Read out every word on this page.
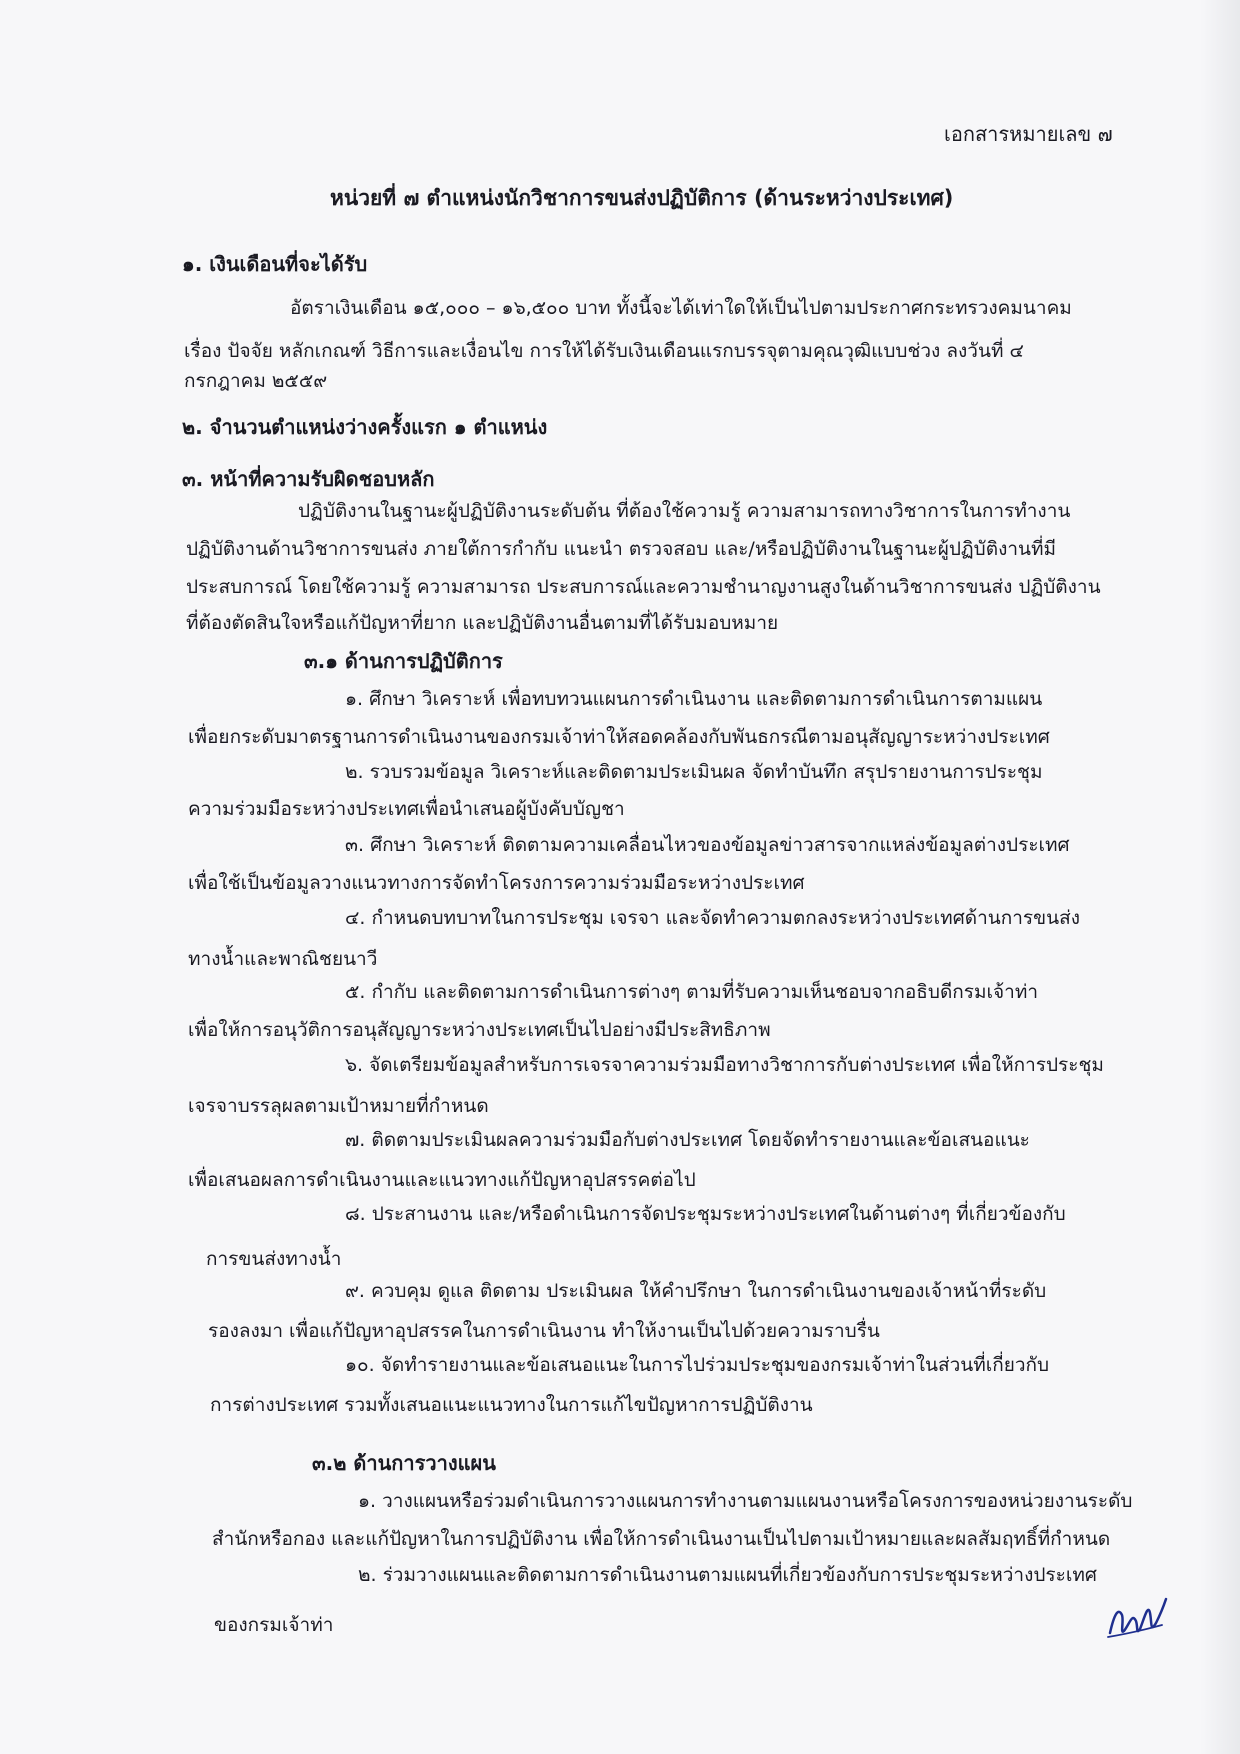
เอกสารหมายเลข ๗

หน่วยที่ ๗ ตำแหน่งนักวิชาการขนส่งปฏิบัติการ (ด้านระหว่างประเทศ)

๑. เงินเดือนที่จะได้รับ

อัตราเงินเดือน ๑๕,๐๐๐ – ๑๖,๕๐๐ บาท ทั้งนี้จะได้เท่าใดให้เป็นไปตามประกาศกระทรวงคมนาคม

เรื่อง ปัจจัย หลักเกณฑ์ วิธีการและเงื่อนไข การให้ได้รับเงินเดือนแรกบรรจุตามคุณวุฒิแบบช่วง ลงวันที่ ๔

กรกฎาคม ๒๕๕๙

๒. จำนวนตำแหน่งว่างครั้งแรก ๑ ตำแหน่ง

๓. หน้าที่ความรับผิดชอบหลัก

ปฏิบัติงานในฐานะผู้ปฏิบัติงานระดับต้น ที่ต้องใช้ความรู้ ความสามารถทางวิชาการในการทำงาน

ปฏิบัติงานด้านวิชาการขนส่ง ภายใต้การกำกับ แนะนำ ตรวจสอบ และ/หรือปฏิบัติงานในฐานะผู้ปฏิบัติงานที่มี

ประสบการณ์ โดยใช้ความรู้ ความสามารถ ประสบการณ์และความชำนาญงานสูงในด้านวิชาการขนส่ง ปฏิบัติงาน

ที่ต้องตัดสินใจหรือแก้ปัญหาที่ยาก และปฏิบัติงานอื่นตามที่ได้รับมอบหมาย

๓.๑ ด้านการปฏิบัติการ

๑. ศึกษา วิเคราะห์ เพื่อทบทวนแผนการดำเนินงาน และติดตามการดำเนินการตามแผน

เพื่อยกระดับมาตรฐานการดำเนินงานของกรมเจ้าท่าให้สอดคล้องกับพันธกรณีตามอนุสัญญาระหว่างประเทศ

๒. รวบรวมข้อมูล วิเคราะห์และติดตามประเมินผล จัดทำบันทึก สรุปรายงานการประชุม

ความร่วมมือระหว่างประเทศเพื่อนำเสนอผู้บังคับบัญชา

๓. ศึกษา วิเคราะห์ ติดตามความเคลื่อนไหวของข้อมูลข่าวสารจากแหล่งข้อมูลต่างประเทศ

เพื่อใช้เป็นข้อมูลวางแนวทางการจัดทำโครงการความร่วมมือระหว่างประเทศ

๔. กำหนดบทบาทในการประชุม เจรจา และจัดทำความตกลงระหว่างประเทศด้านการขนส่ง

ทางน้ำและพาณิชยนาวี

๕. กำกับ และติดตามการดำเนินการต่างๆ ตามที่รับความเห็นชอบจากอธิบดีกรมเจ้าท่า

เพื่อให้การอนุวัติการอนุสัญญาระหว่างประเทศเป็นไปอย่างมีประสิทธิภาพ

๖. จัดเตรียมข้อมูลสำหรับการเจรจาความร่วมมือทางวิชาการกับต่างประเทศ เพื่อให้การประชุม

เจรจาบรรลุผลตามเป้าหมายที่กำหนด

๗. ติดตามประเมินผลความร่วมมือกับต่างประเทศ โดยจัดทำรายงานและข้อเสนอแนะ

เพื่อเสนอผลการดำเนินงานและแนวทางแก้ปัญหาอุปสรรคต่อไป

๘. ประสานงาน และ/หรือดำเนินการจัดประชุมระหว่างประเทศในด้านต่างๆ ที่เกี่ยวข้องกับ

การขนส่งทางน้ำ

๙. ควบคุม ดูแล ติดตาม ประเมินผล ให้คำปรึกษา ในการดำเนินงานของเจ้าหน้าที่ระดับ

รองลงมา เพื่อแก้ปัญหาอุปสรรคในการดำเนินงาน ทำให้งานเป็นไปด้วยความราบรื่น

๑๐. จัดทำรายงานและข้อเสนอแนะในการไปร่วมประชุมของกรมเจ้าท่าในส่วนที่เกี่ยวกับ

การต่างประเทศ รวมทั้งเสนอแนะแนวทางในการแก้ไขปัญหาการปฏิบัติงาน

๓.๒ ด้านการวางแผน

๑. วางแผนหรือร่วมดำเนินการวางแผนการทำงานตามแผนงานหรือโครงการของหน่วยงานระดับ

สำนักหรือกอง และแก้ปัญหาในการปฏิบัติงาน เพื่อให้การดำเนินงานเป็นไปตามเป้าหมายและผลสัมฤทธิ์ที่กำหนด

๒. ร่วมวางแผนและติดตามการดำเนินงานตามแผนที่เกี่ยวข้องกับการประชุมระหว่างประเทศ

ของกรมเจ้าท่า
